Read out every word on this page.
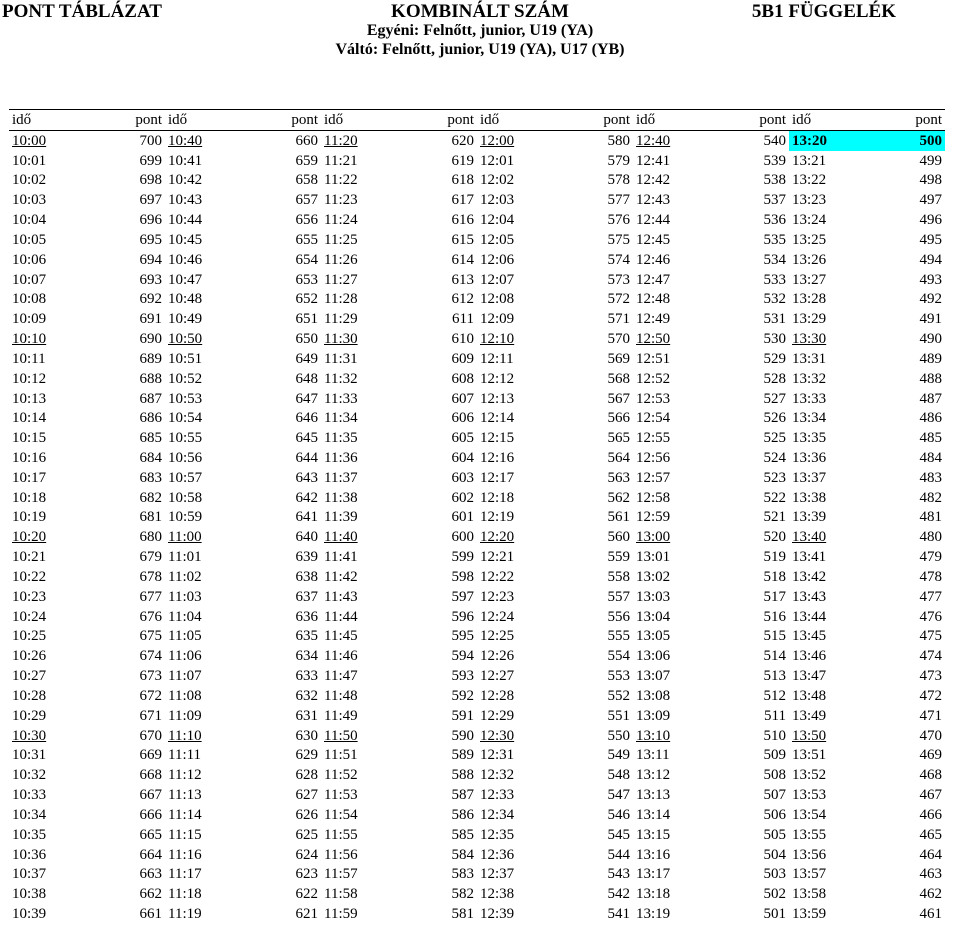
KOMBINÁLT SZÁM
PONT TÁBLÁZAT	5B1 FÜGGELÉK
Egyéni: Felnőtt, junior, U19 (YA)
Váltó: Felnőtt, junior, U19 (YA), U17 (YB)
idő	pont	idő	pont	idő	pont	idő	pont	idő	pont	idő	pont
10:00	700	10:40	660	11:20	620	12:00	580	12:40	540	13:20	500
10:01	699	10:41	659	11:21	619	12:01	579	12:41	539	13:21	499
10:02	698	10:42	658	11:22	618	12:02	578	12:42	538	13:22	498
10:03	697	10:43	657	11:23	617	12:03	577	12:43	537	13:23	497
10:04	696	10:44	656	11:24	616	12:04	576	12:44	536	13:24	496
10:05	695	10:45	655	11:25	615	12:05	575	12:45	535	13:25	495
10:06	694	10:46	654	11:26	614	12:06	574	12:46	534	13:26	494
10:07	693	10:47	653	11:27	613	12:07	573	12:47	533	13:27	493
10:08	692	10:48	652	11:28	612	12:08	572	12:48	532	13:28	492
10:09	691	10:49	651	11:29	611	12:09	571	12:49	531	13:29	491
10:10	690	10:50	650	11:30	610	12:10	570	12:50	530	13:30	490
10:11	689	10:51	649	11:31	609	12:11	569	12:51	529	13:31	489
10:12	688	10:52	648	11:32	608	12:12	568	12:52	528	13:32	488
10:13	687	10:53	647	11:33	607	12:13	567	12:53	527	13:33	487
10:14	686	10:54	646	11:34	606	12:14	566	12:54	526	13:34	486
10:15	685	10:55	645	11:35	605	12:15	565	12:55	525	13:35	485
10:16	684	10:56	644	11:36	604	12:16	564	12:56	524	13:36	484
10:17	683	10:57	643	11:37	603	12:17	563	12:57	523	13:37	483
10:18	682	10:58	642	11:38	602	12:18	562	12:58	522	13:38	482
10:19	681	10:59	641	11:39	601	12:19	561	12:59	521	13:39	481
10:20	680	11:00	640	11:40	600	12:20	560	13:00	520	13:40	480
10:21	679	11:01	639	11:41	599	12:21	559	13:01	519	13:41	479
10:22	678	11:02	638	11:42	598	12:22	558	13:02	518	13:42	478
10:23	677	11:03	637	11:43	597	12:23	557	13:03	517	13:43	477
10:24	676	11:04	636	11:44	596	12:24	556	13:04	516	13:44	476
10:25	675	11:05	635	11:45	595	12:25	555	13:05	515	13:45	475
10:26	674	11:06	634	11:46	594	12:26	554	13:06	514	13:46	474
10:27	673	11:07	633	11:47	593	12:27	553	13:07	513	13:47	473
10:28	672	11:08	632	11:48	592	12:28	552	13:08	512	13:48	472
10:29	671	11:09	631	11:49	591	12:29	551	13:09	511	13:49	471
10:30	670	11:10	630	11:50	590	12:30	550	13:10	510	13:50	470
10:31	669	11:11	629	11:51	589	12:31	549	13:11	509	13:51	469
10:32	668	11:12	628	11:52	588	12:32	548	13:12	508	13:52	468
10:33	667	11:13	627	11:53	587	12:33	547	13:13	507	13:53	467
10:34	666	11:14	626	11:54	586	12:34	546	13:14	506	13:54	466
10:35	665	11:15	625	11:55	585	12:35	545	13:15	505	13:55	465
10:36	664	11:16	624	11:56	584	12:36	544	13:16	504	13:56	464
10:37	663	11:17	623	11:57	583	12:37	543	13:17	503	13:57	463
10:38	662	11:18	622	11:58	582	12:38	542	13:18	502	13:58	462
10:39	661	11:19	621	11:59	581	12:39	541	13:19	501	13:59	461
